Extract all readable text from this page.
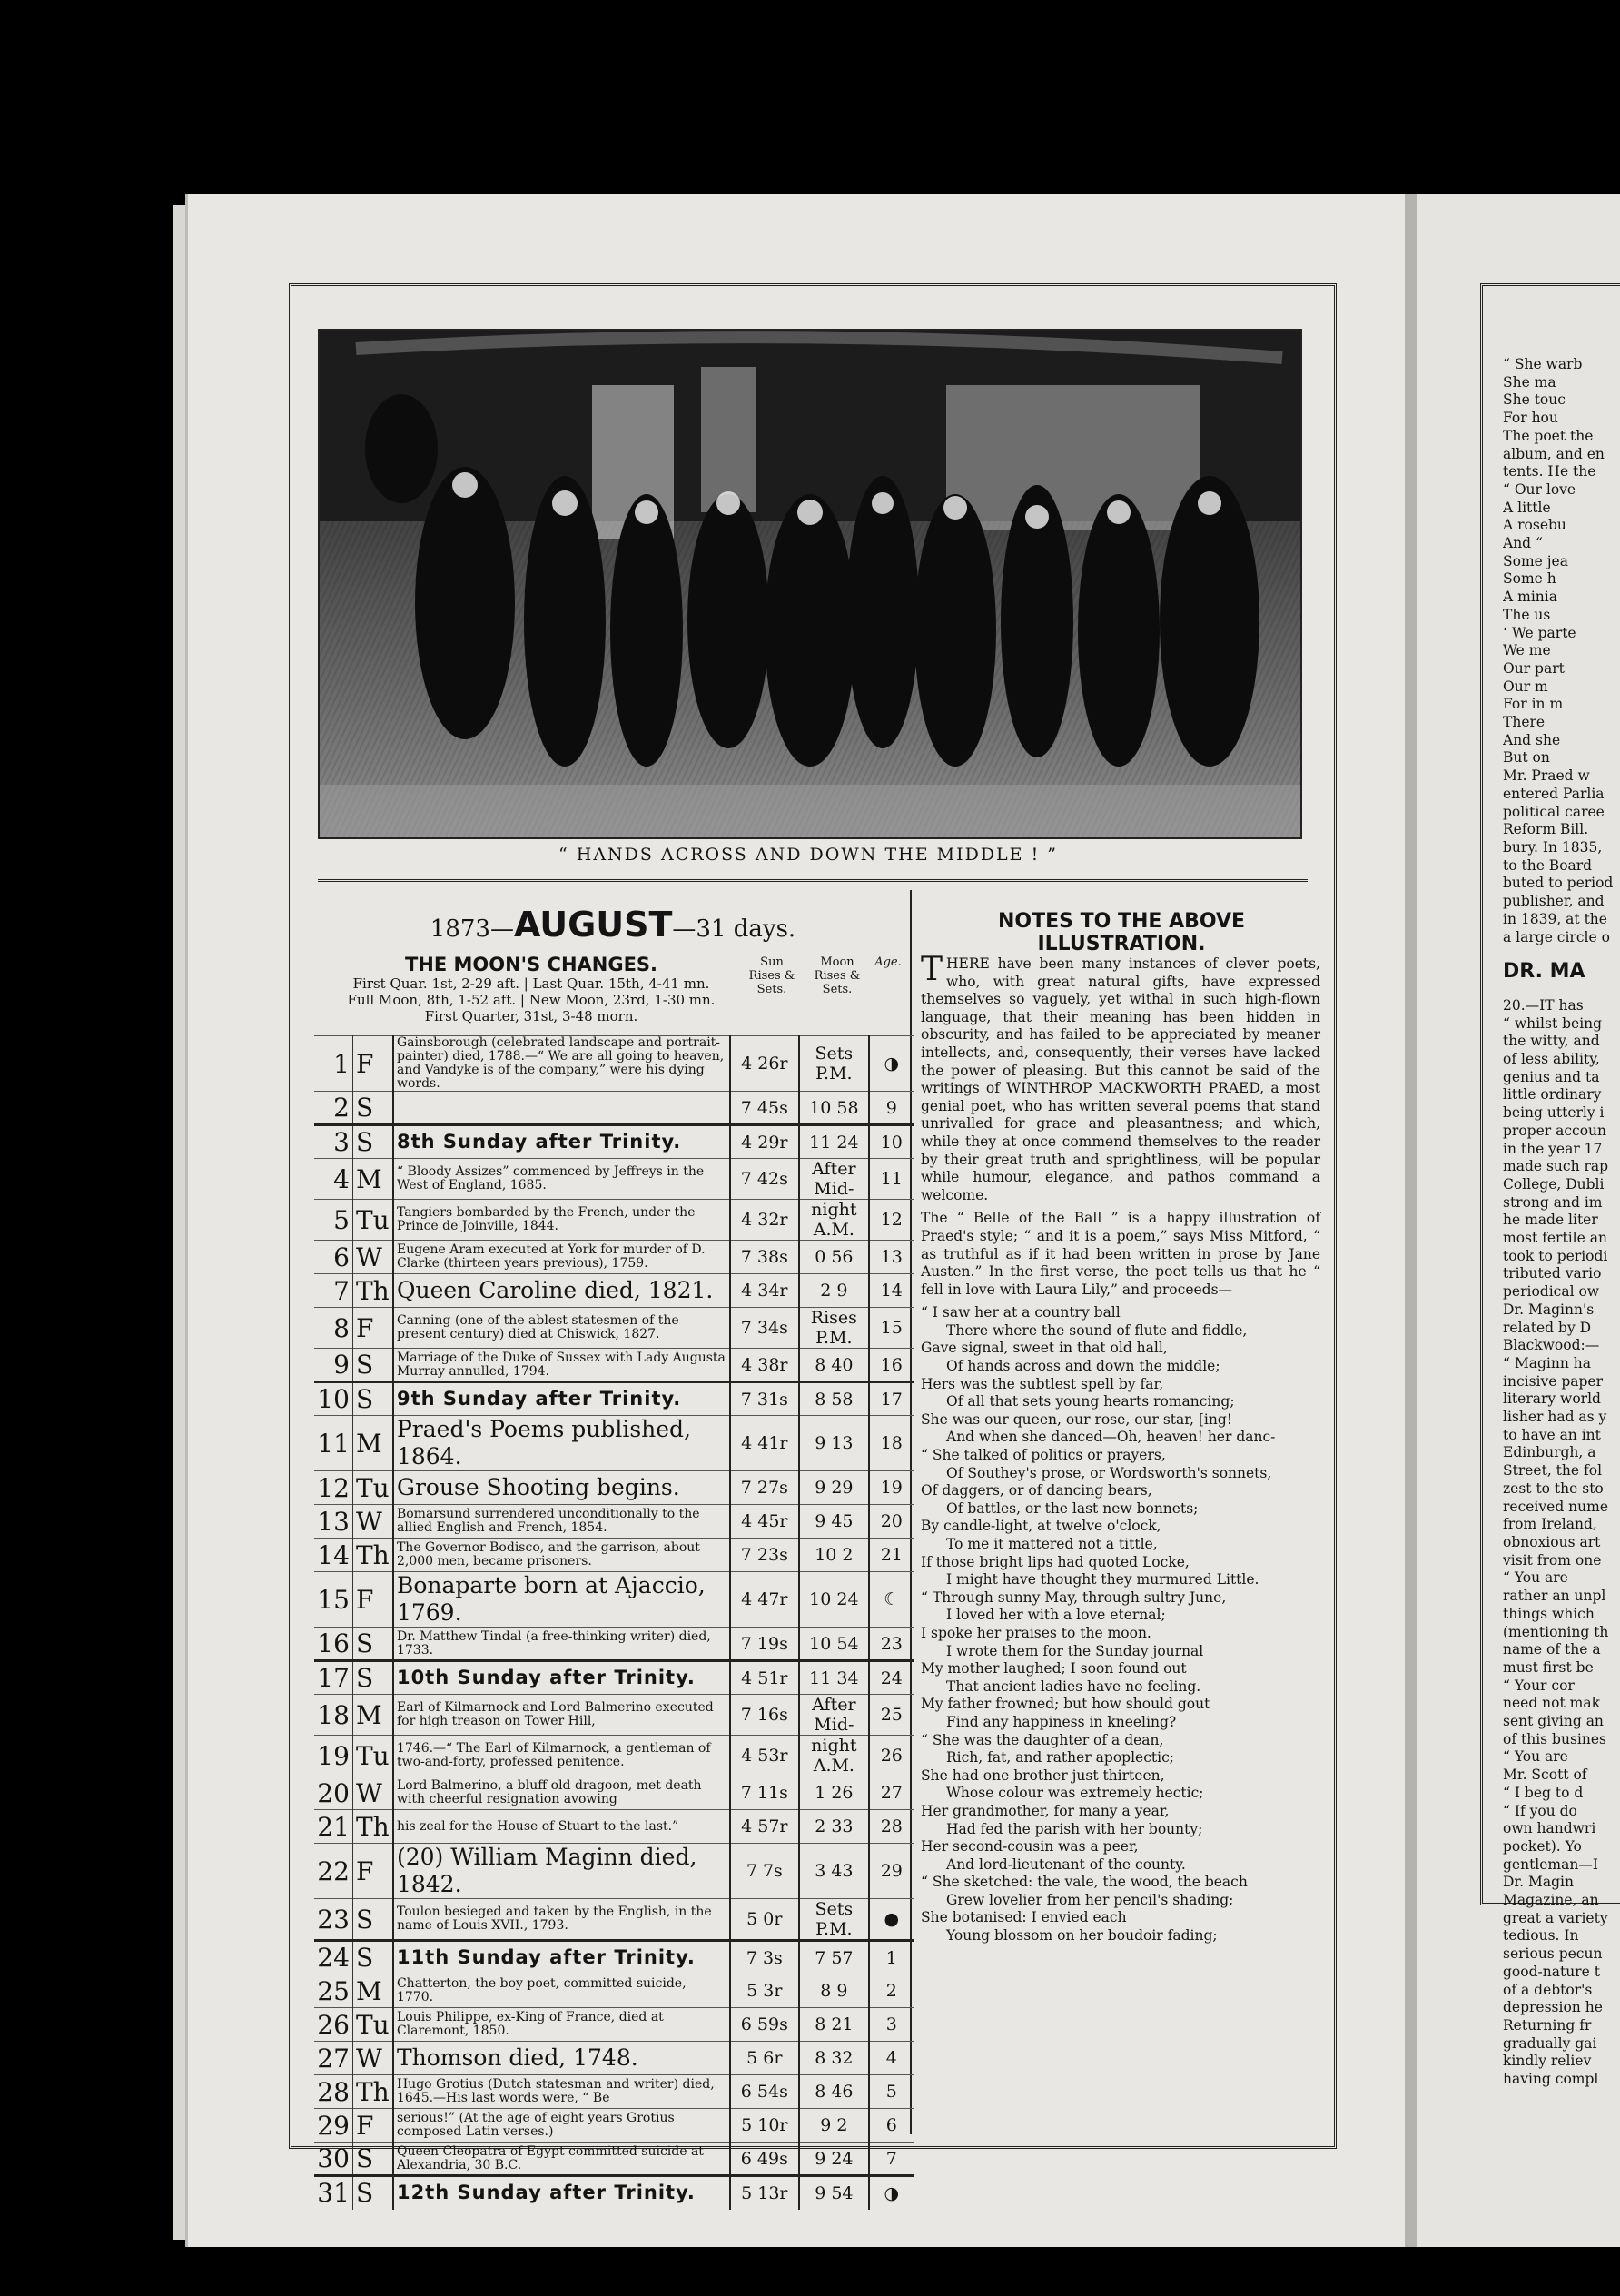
“ HANDS ACROSS AND DOWN THE MIDDLE ! ”
1873—AUGUST—31 days.
THE MOON'S CHANGES.
First Quar. 1st, 2-29 aft. | Last Quar. 15th, 4-41 mn.
Full Moon, 8th, 1-52 aft. | New Moon, 23rd, 1-30 mn.
First Quarter, 31st, 3-48 morn.
Sun Rises & Sets.
Moon Rises & Sets.
Age.
1	F	Gainsborough (celebrated landscape and portrait-painter) died, 1788.—“ We are all going to heaven, and Vandyke is of the company,” were his dying words.	4 26r	Sets P.M.	◑
2	S		7 45s	10 58	9
3	S	8th Sunday after Trinity.	4 29r	11 24	10
4	M	“ Bloody Assizes” commenced by Jeffreys in the West of England, 1685.	7 42s	After Mid-	11
5	Tu	Tangiers bombarded by the French, under the Prince de Joinville, 1844.	4 32r	night A.M.	12
6	W	Eugene Aram executed at York for murder of D. Clarke (thirteen years previous), 1759.	7 38s	0 56	13
7	Th	Queen Caroline died, 1821.	4 34r	2 9	14
8	F	Canning (one of the ablest statesmen of the present century) died at Chiswick, 1827.	7 34s	Rises P.M.	15
9	S	Marriage of the Duke of Sussex with Lady Augusta Murray annulled, 1794.	4 38r	8 40	16
10	S	9th Sunday after Trinity.	7 31s	8 58	17
11	M	Praed's Poems published, 1864.	4 41r	9 13	18
12	Tu	Grouse Shooting begins.	7 27s	9 29	19
13	W	Bomarsund surrendered unconditionally to the allied English and French, 1854.	4 45r	9 45	20
14	Th	The Governor Bodisco, and the garrison, about 2,000 men, became prisoners.	7 23s	10 2	21
15	F	Bonaparte born at Ajaccio, 1769.	4 47r	10 24	☾
16	S	Dr. Matthew Tindal (a free-thinking writer) died, 1733.	7 19s	10 54	23
17	S	10th Sunday after Trinity.	4 51r	11 34	24
18	M	Earl of Kilmarnock and Lord Balmerino executed for high treason on Tower Hill,	7 16s	After Mid-	25
19	Tu	1746.—“ The Earl of Kilmarnock, a gentleman of two-and-forty, professed penitence.	4 53r	night A.M.	26
20	W	Lord Balmerino, a bluff old dragoon, met death with cheerful resignation avowing	7 11s	1 26	27
21	Th	his zeal for the House of Stuart to the last.”	4 57r	2 33	28
22	F	(20) William Maginn died, 1842.	7 7s	3 43	29
23	S	Toulon besieged and taken by the English, in the name of Louis XVII., 1793.	5 0r	Sets P.M.	●
24	S	11th Sunday after Trinity.	7 3s	7 57	1
25	M	Chatterton, the boy poet, committed suicide, 1770.	5 3r	8 9	2
26	Tu	Louis Philippe, ex-King of France, died at Claremont, 1850.	6 59s	8 21	3
27	W	Thomson died, 1748.	5 6r	8 32	4
28	Th	Hugo Grotius (Dutch statesman and writer) died, 1645.—His last words were, “ Be	6 54s	8 46	5
29	F	serious!” (At the age of eight years Grotius composed Latin verses.)	5 10r	9 2	6
30	S	Queen Cleopatra of Egypt committed suicide at Alexandria, 30 B.C.	6 49s	9 24	7
31	S	12th Sunday after Trinity.	5 13r	9 54	◑
NOTES TO THE ABOVE ILLUSTRATION.

THERE have been many instances of clever poets, who, with great natural gifts, have expressed themselves so vaguely, yet withal in such high-flown language, that their meaning has been hidden in obscurity, and has failed to be appreciated by meaner intellects, and, consequently, their verses have lacked the power of pleasing. But this cannot be said of the writings of WINTHROP MACKWORTH PRAED, a most genial poet, who has written several poems that stand unrivalled for grace and pleasantness; and which, while they at once commend themselves to the reader by their great truth and sprightliness, will be popular while humour, elegance, and pathos command a welcome.

The “ Belle of the Ball ” is a happy illustration of Praed's style; “ and it is a poem,” says Miss Mitford, “ as truthful as if it had been written in prose by Jane Austen.” In the first verse, the poet tells us that he “ fell in love with Laura Lily,” and proceeds—

“ I saw her at a country ball
There where the sound of flute and fiddle,
Gave signal, sweet in that old hall,
Of hands across and down the middle;
Hers was the subtlest spell by far,
Of all that sets young hearts romancing;
She was our queen, our rose, our star, [ing!
And when she danced—Oh, heaven! her danc-
“ She talked of politics or prayers,
Of Southey's prose, or Wordsworth's sonnets,
Of daggers, or of dancing bears,
Of battles, or the last new bonnets;
By candle-light, at twelve o'clock,
To me it mattered not a tittle,
If those bright lips had quoted Locke,
I might have thought they murmured Little.
“ Through sunny May, through sultry June,
I loved her with a love eternal;
I spoke her praises to the moon.
I wrote them for the Sunday journal
My mother laughed; I soon found out
That ancient ladies have no feeling.
My father frowned; but how should gout
Find any happiness in kneeling?
“ She was the daughter of a dean,
Rich, fat, and rather apoplectic;
She had one brother just thirteen,
Whose colour was extremely hectic;
Her grandmother, for many a year,
Had fed the parish with her bounty;
Her second-cousin was a peer,
And lord-lieutenant of the county.
“ She sketched: the vale, the wood, the beach
Grew lovelier from her pencil's shading;
She botanised: I envied each
Young blossom on her boudoir fading;
“ She warb
She ma
She touc
For hou
The poet the
album, and en
tents. He the
“ Our love
A little
A rosebu
And “
Some jea
Some h
A minia
The us
‘ We parte
We me
Our part
Our m
For in m
There
And she
But on
Mr. Praed w
entered Parlia
political caree
Reform Bill.
bury. In 1835,
to the Board
buted to period
publisher, and
in 1839, at the
a large circle o
DR. MA
20.—IT has
“ whilst being
the witty, and
of less ability,
genius and ta
little ordinary
being utterly i
proper accoun
in the year 17
made such rap
College, Dubli
strong and im
he made liter
most fertile an
took to periodi
tributed vario
periodical ow
Dr. Maginn's
related by D
Blackwood:—
“ Maginn ha
incisive paper
literary world
lisher had as y
to have an int
Edinburgh, a
Street, the fol
zest to the sto
received nume
from Ireland,
obnoxious art
visit from one
“ You are
rather an unpl
things which
(mentioning th
name of the a
must first be
“ Your cor
need not mak
sent giving an
of this busines
“ You are
Mr. Scott of
“ I beg to d
“ If you do
own handwri
pocket). Yo
gentleman—I
Dr. Magin
Magazine, an
great a variety
tedious. In
serious pecun
good-nature t
of a debtor's
depression he
Returning fr
gradually gai
kindly reliev
having compl
